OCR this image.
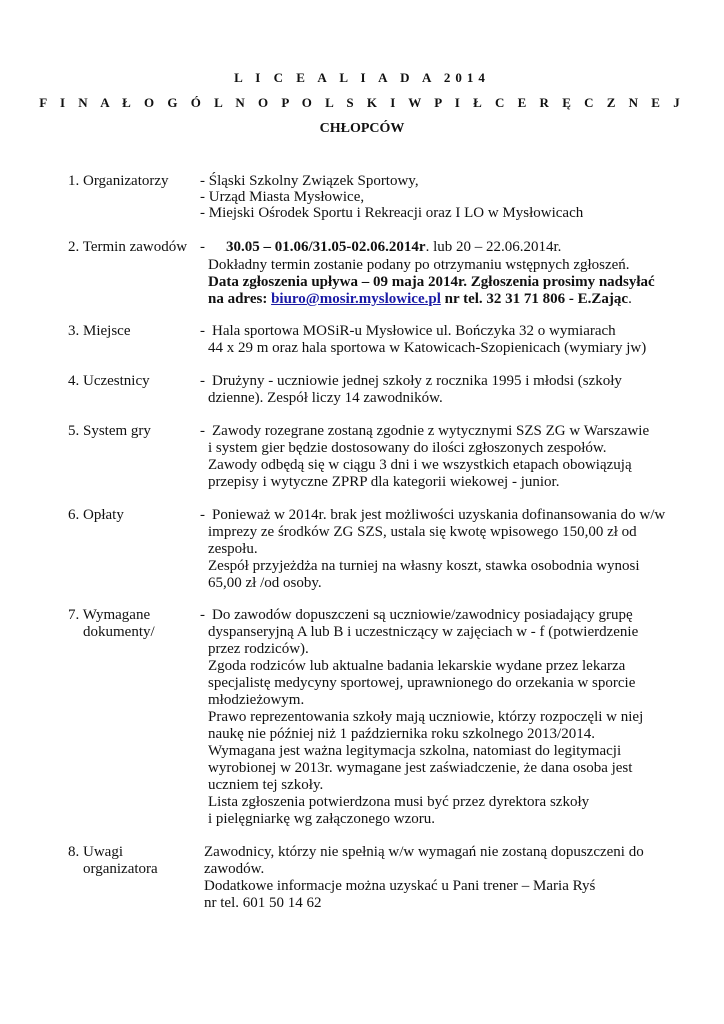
L I C E A L I A D A 2014
F I N A Ł O G Ó L N O P O L S K I W P I Ł C E R Ę C Z N E J
CHŁOPCÓW
1. Organizatorzy - Śląski Szkolny Związek Sportowy,
- Urząd Miasta Mysłowice,
- Miejski Ośrodek Sportu i Rekreacji oraz I LO w Mysłowicach
2. Termin zawodów - 30.05 – 01.06/31.05-02.06.2014r. lub 20 – 22.06.2014r.
Dokładny termin zostanie podany po otrzymaniu wstępnych zgłoszeń.
Data zgłoszenia upływa – 09 maja 2014r. Zgłoszenia prosimy nadsyłać
na adres: biuro@mosir.myslowice.pl nr tel. 32 31 71 806 - E.Zając.
3. Miejsce	- Hala sportowa MOSiR-u Mysłowice ul. Bończyka 32 o wymiarach
44 x 29 m oraz hala sportowa w Katowicach-Szopienicach (wymiary jw)
4. Uczestnicy	- Drużyny - uczniowie jednej szkoły z rocznika 1995 i młodsi (szkoły
dzienne). Zespół liczy 14 zawodników.
5. System gry	- Zawody rozegrane zostaną zgodnie z wytycznymi SZS ZG w Warszawie
i system gier będzie dostosowany do ilości zgłoszonych zespołów.
Zawody odbędą się w ciągu 3 dni i we wszystkich etapach obowiązują
przepisy i wytyczne ZPRP dla kategorii wiekowej - junior.
6. Opłaty	- Ponieważ w 2014r. brak jest możliwości uzyskania dofinansowania do w/w
imprezy ze środków ZG SZS, ustala się kwotę wpisowego 150,00 zł od
zespołu.
Zespół przyjeżdża na turniej na własny koszt, stawka osobodnia wynosi
65,00 zł /od osoby.
7. Wymagane
dokumenty/
- Do zawodów dopuszczeni są uczniowie/zawodnicy posiadający grupę
dyspanseryjną A lub B i uczestniczący w zajęciach w - f (potwierdzenie
przez rodziców).
Zgoda rodziców lub aktualne badania lekarskie wydane przez lekarza
specjalistę medycyny sportowej, uprawnionego do orzekania w sporcie
młodzieżowym.
Prawo reprezentowania szkoły mają uczniowie, którzy rozpoczęli w niej
naukę nie później niż 1 października roku szkolnego 2013/2014.
Wymagana jest ważna legitymacja szkolna, natomiast do legitymacji
wyrobionej w 2013r. wymagane jest zaświadczenie, że dana osoba jest
uczniem tej szkoły.
Lista zgłoszenia potwierdzona musi być przez dyrektora szkoły
i pielęgniarkę wg załączonego wzoru.
8. Uwagi
organizatora
Zawodnicy, którzy nie spełnią w/w wymagań nie zostaną dopuszczeni do
zawodów.
Dodatkowe informacje można uzyskać u Pani trener – Maria Ryś
nr tel. 601 50 14 62
